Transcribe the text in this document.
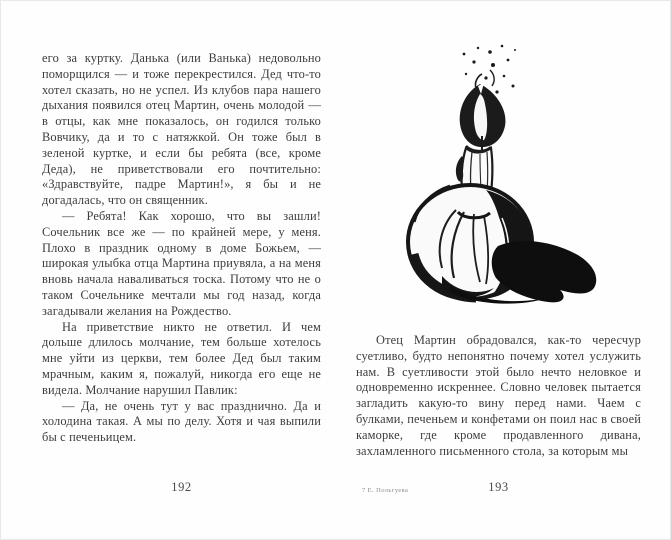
его за куртку. Данька (или Ванька) недовольно поморщился — и тоже перекрестился. Дед что-то хотел сказать, но не успел. Из клубов пара нашего дыхания появился отец Мартин, очень молодой — в отцы, как мне показалось, он годился только Вовчику, да и то с натяжкой. Он тоже был в зеленой куртке, и если бы ребята (все, кроме Деда), не приветствовали его почтительно: «Здравствуйте, падре Мартин!», я бы и не догадалась, что он священник.

— Ребята! Как хорошо, что вы зашли! Сочельник все же — по крайней мере, у меня. Плохо в праздник одному в доме Божьем, — широкая улыбка отца Мартина приувяла, а на меня вновь начала наваливаться тоска. Потому что не о таком Сочельнике мечтали мы год назад, когда загадывали желания на Рождество.

На приветствие никто не ответил. И чем дольше длилось молчание, тем больше хотелось мне уйти из церкви, тем более Дед был таким мрачным, каким я, пожалуй, никогда его еще не видела. Молчание нарушил Павлик:

— Да, не очень тут у вас празднично. Да и холодина такая. А мы по делу. Хотя и чая выпили бы с печеньицем.

192

Отец Мартин обрадовался, как-то чересчур суетливо, будто непонятно почему хотел услужить нам. В суетливости этой было нечто неловкое и одновременно искреннее. Словно человек пытается загладить какую-то вину перед нами. Чаем с булками, печеньем и конфетами он поил нас в своей каморке, где кроме продавленного дивана, захламленного письменного стола, за которым мы

7 Е. Польгуева	193
